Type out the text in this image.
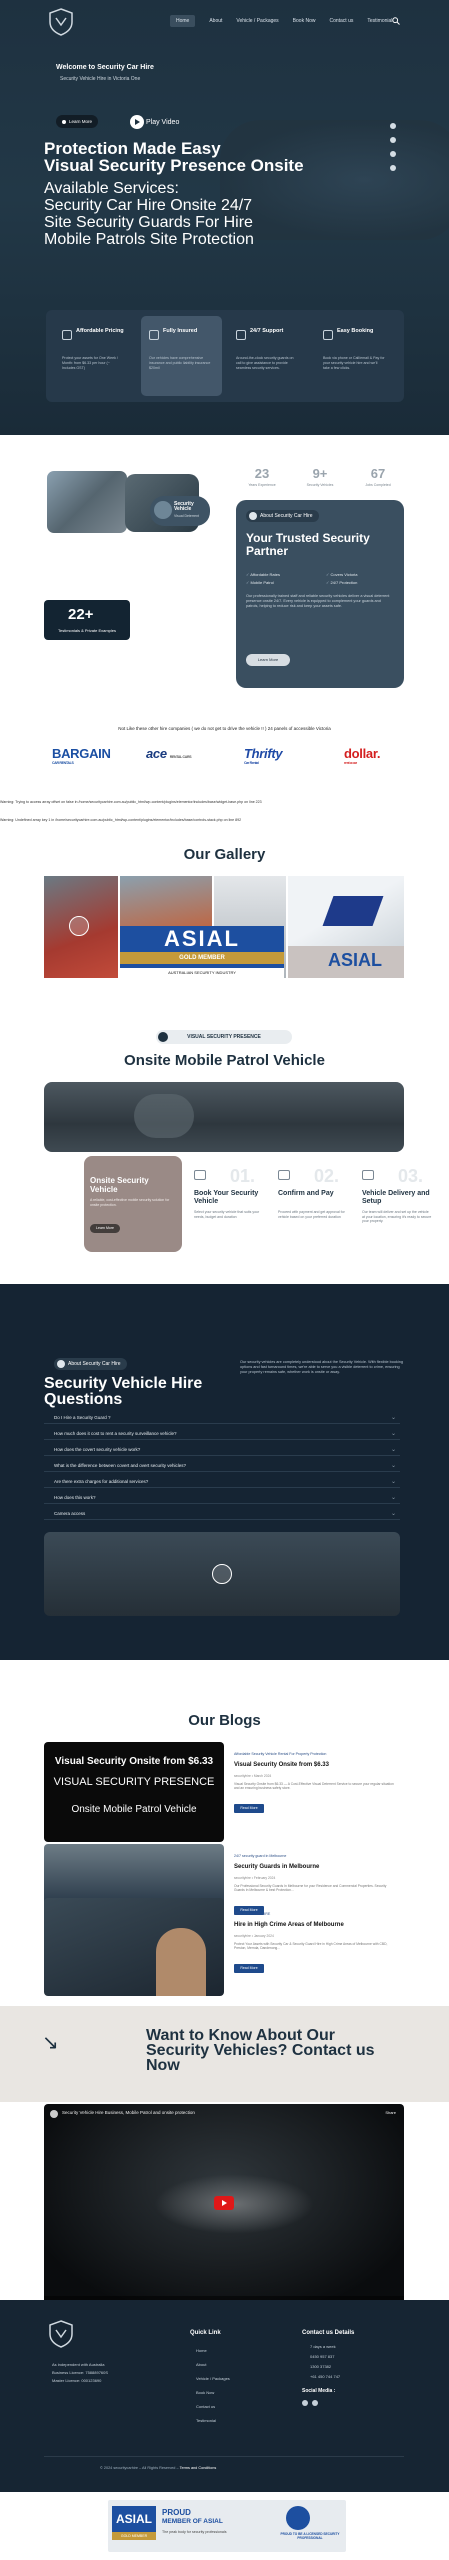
Home	About	Vehicle / Packages	Book Now	Contact us	Testimonial
Welcome to Security Car Hire
Security Vehicle Hire in Victoria One
Learn More	Play Video
Protection Made Easy
Visual Security Presence Onsite
Available Services:
Security Car Hire Onsite 24/7
Site Security Guards For Hire
Mobile Patrols Site Protection
Affordable Pricing
Protect your assets for One Week / Month: from $6.33 per hour (~ Includes GST)
Fully Insured
Our vehicles have comprehensive insurance and public liability insurance $20mil
24/7 Support
Around-the-clock security guards on call to give assistance to provide seamless security services.
Easy Booking
Book via phone or Call/email & Pay for your security vehicle hire and we'll take a few clicks.
Security Vehicle
Visual Deterrent
23
Years Experience
9+
Security Vehicles
67
Jobs Completed
22+
Testimonials & Private Examples
About Security Car Hire
Your Trusted Security Partner
✓ Affordable Rates	✓ Covers Victoria
✓ Mobile Patrol	✓ 24/7 Protection
Our professionally trained staff and reliable security vehicles deliver a visual deterrent presence onsite 24/7. Every vehicle is equipped to complement your guards and patrols, helping to reduce risk and keep your assets safe.
Learn More
Not Like these other hire companies ( we do not get to drive the vehicle !! ) 24 panels of accessible Victoria
BARGAIN
CAR RENTALS
ace RENTAL CARS	Thrifty
Car Rental
dollar.
rent a car
Warning: Trying to access array offset on false in /home/securitycarhire.com.au/public_html/wp-content/plugins/elementor/includes/base/widget-base.php on line 223
Warning: Undefined array key 1 in /home/securitycarhire.com.au/public_html/wp-content/plugins/elementor/includes/base/controls-stack.php on line 892
Our Gallery
ASIAL
GOLD MEMBER
AUSTRALIAN SECURITY INDUSTRY
ASIAL
VISUAL SECURITY PRESENCE
Onsite Mobile Patrol Vehicle
Onsite Security Vehicle
A reliable, cost-effective mobile security solution for onsite protection.
Learn More
01.
Book Your Security Vehicle
Select your security vehicle that suits your needs, budget and duration
02.
Confirm and Pay
Proceed with payment and get approval for vehicle based on your preferred duration
03.
Vehicle Delivery and Setup
Our team will deliver and set up the vehicle at your location, ensuring it's ready to secure your property.
About Security Car Hire
Security Vehicle Hire Questions
Our security vehicles are completely understood about the Security Vehicle. With flexible booking options and fast turnaround times, we're able to serve you a visible deterrent to crime, ensuring your property remains safe, whether work is onsite or away.
Do I Hire a Security Guard ?	⌄
How much does it cost to rent a security surveillance vehicle?	⌄
How does the covert security vehicle work?	⌄
What is the difference between covert and overt security vehicles?	⌄
Are there extra charges for additional services?	⌄
How does this work?	⌄
Camera access	⌄
Our Blogs
Visual Security Onsite from $6.33
VISUAL SECURITY PRESENCE
Onsite Mobile Patrol Vehicle
Affordable Security Vehicle Rental For Property Protection
Visual Security Onsite from $6.33
securityhire • March 2024
Visual Security Onsite from $6.33 — A Cost-Effective Visual Deterrent Service to secure your regular situation and an ensuring business safety store.
Read More
24/7 security guard in Melbourne
Security Guards in Melbourne
securityhire • February 2024
Our Professional Security Guards In Melbourne for your Residence and Commercial Properties. Security Guards In Melbourne & best Protection...
Read More
SECURITY CAR HIRE
Hire in High Crime Areas of Melbourne
securityhire • January 2024
Protect Your Assets with Security Car & Security Guard Hire in High Crime Areas of Melbourne with CBD, Preston, Mernda, Dandenong...
Read More
↘	Want to Know About Our Security Vehicles? Contact us Now
Security Vehicle Hire Business, Mobile Patrol and onsite protection	Share
As independent with Australia
Business Licence: 758889760S
Master Licence: 000123690
Quick Link
Home
About
Vehicle / Packages
Book Now
Contact us
Testimonial
Contact us Details
7 days a week
0450 957 837
1300 37382
+61 450 744 747
Social Media :
© 2024 securitycarhire – All Rights Reserved – Terms and Conditions
ASIAL
GOLD MEMBER
PROUD
MEMBER OF ASIAL
The peak body for security professionals	PROUD TO BE A LICENSED SECURITY PROFESSIONAL
